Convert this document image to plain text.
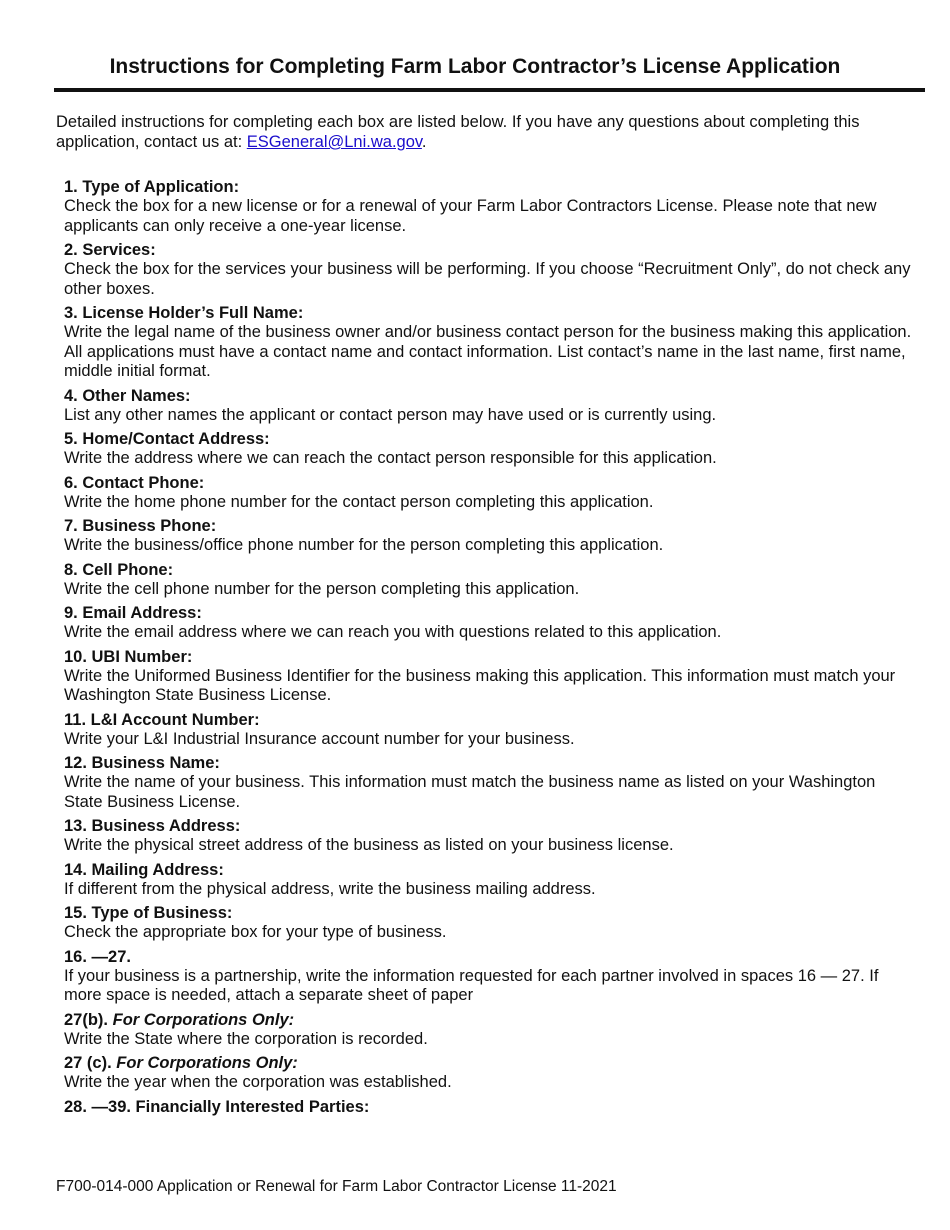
Instructions for Completing Farm Labor Contractor’s License Application

Detailed instructions for completing each box are listed below. If you have any questions about completing this application, contact us at: ESGeneral@Lni.wa.gov.

1. Type of Application:
Check the box for a new license or for a renewal of your Farm Labor Contractors License. Please note that new applicants can only receive a one-year license.
2. Services:
Check the box for the services your business will be performing. If you choose “Recruitment Only”, do not check any other boxes.
3. License Holder’s Full Name:
Write the legal name of the business owner and/or business contact person for the business making this application. All applications must have a contact name and contact information. List contact’s name in the last name, first name, middle initial format.
4. Other Names:
List any other names the applicant or contact person may have used or is currently using.
5. Home/Contact Address:
Write the address where we can reach the contact person responsible for this application.
6. Contact Phone:
Write the home phone number for the contact person completing this application.
7. Business Phone:
Write the business/office phone number for the person completing this application.
8. Cell Phone:
Write the cell phone number for the person completing this application.
9. Email Address:
Write the email address where we can reach you with questions related to this application.
10. UBI Number:
Write the Uniformed Business Identifier for the business making this application. This information must match your Washington State Business License.
11. L&I Account Number:
Write your L&I Industrial Insurance account number for your business.
12. Business Name:
Write the name of your business. This information must match the business name as listed on your Washington State Business License.
13. Business Address:
Write the physical street address of the business as listed on your business license.
14. Mailing Address:
If different from the physical address, write the business mailing address.
15. Type of Business:
Check the appropriate box for your type of business.
16. —27.
If your business is a partnership, write the information requested for each partner involved in spaces 16 — 27. If more space is needed, attach a separate sheet of paper
27(b). For Corporations Only:
Write the State where the corporation is recorded.
27 (c). For Corporations Only:
Write the year when the corporation was established.
28. —39. Financially Interested Parties:

F700-014-000 Application or Renewal for Farm Labor Contractor License 11-2021
